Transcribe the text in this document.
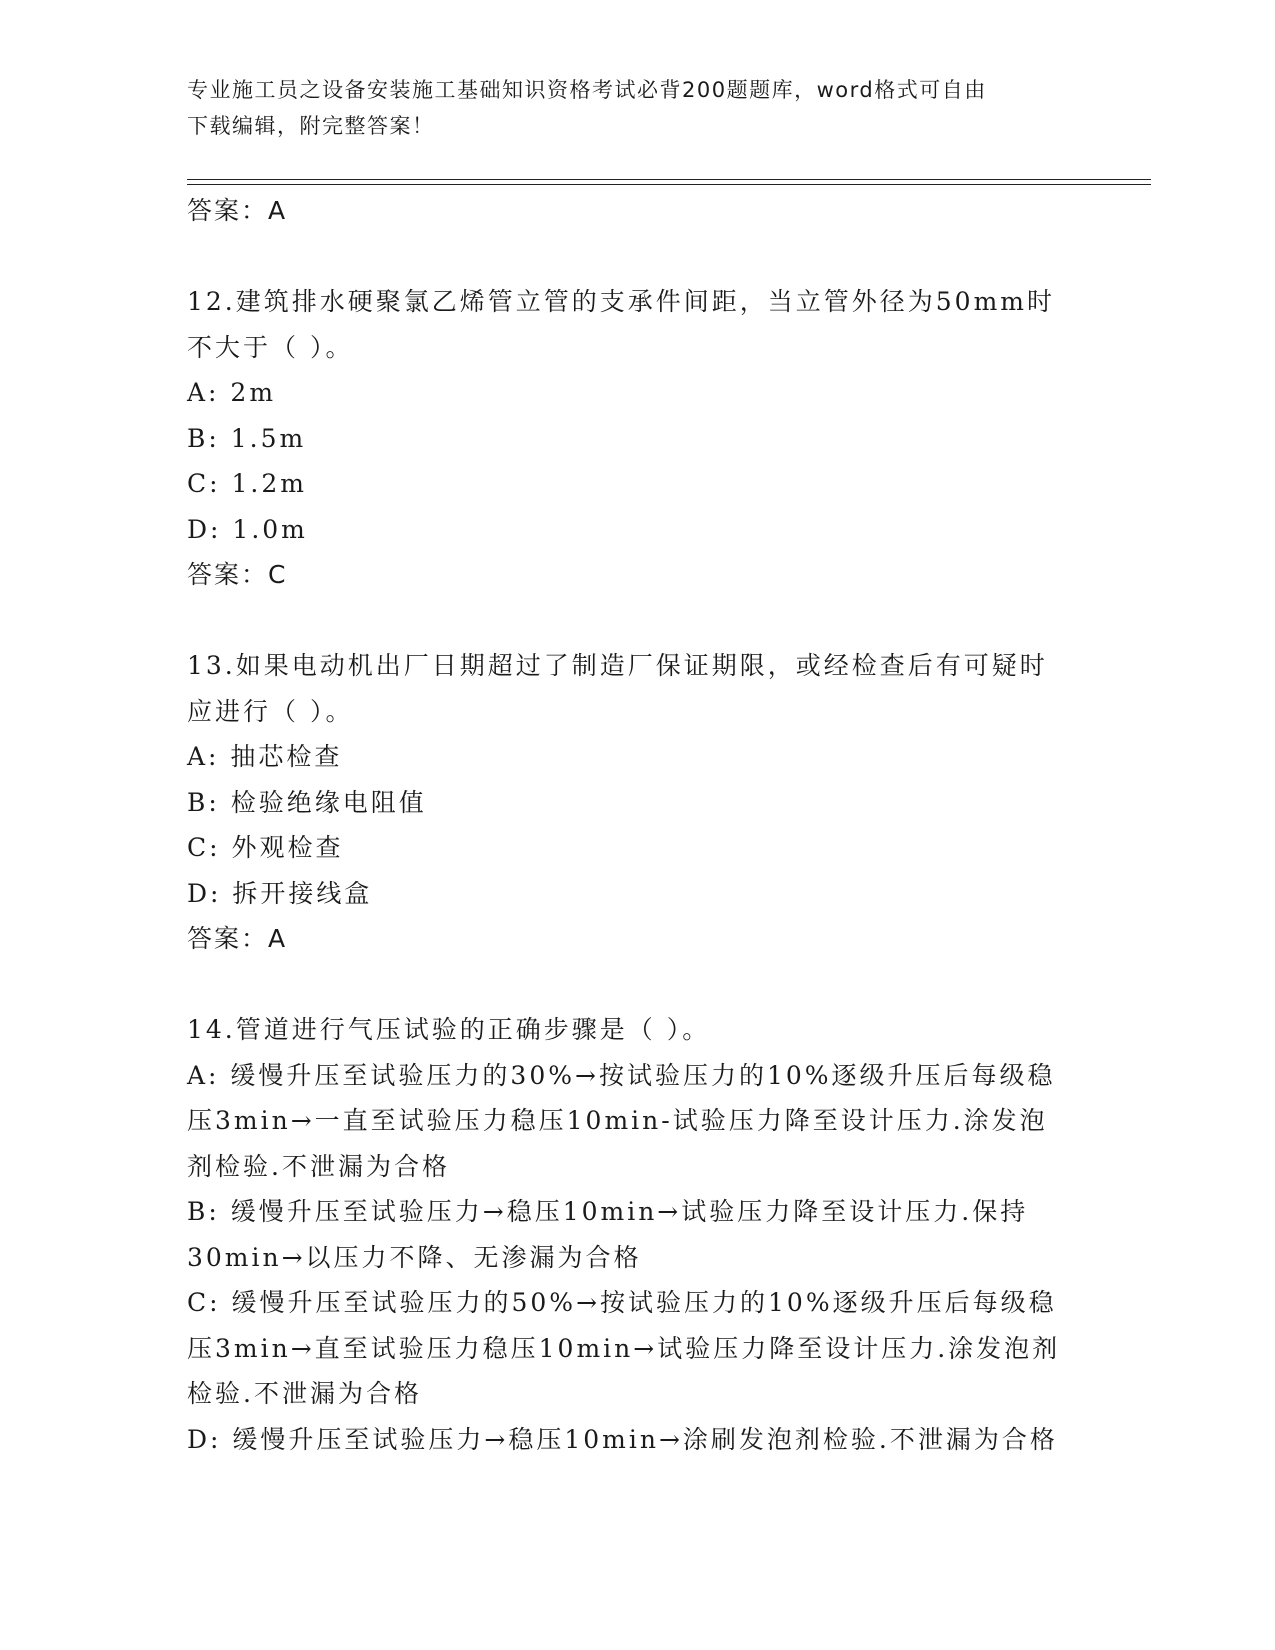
专业施工员之设备安装施工基础知识资格考试必背200题题库，word格式可自由
下载编辑，附完整答案！
答案：A
12.建筑排水硬聚氯乙烯管立管的支承件间距，当立管外径为50mm时
不大于（ ）。
A: 2m
B: 1.5m
C: 1.2m
D: 1.0m
答案：C
13.如果电动机出厂日期超过了制造厂保证期限，或经检查后有可疑时
应进行（ ）。
A: 抽芯检查
B: 检验绝缘电阻值
C: 外观检查
D: 拆开接线盒
答案：A
14.管道进行气压试验的正确步骤是（ ）。
A: 缓慢升压至试验压力的30%→按试验压力的10%逐级升压后每级稳
压3min→一直至试验压力稳压10min-试验压力降至设计压力.涂发泡
剂检验.不泄漏为合格
B: 缓慢升压至试验压力→稳压10min→试验压力降至设计压力.保持
30min→以压力不降、无渗漏为合格
C: 缓慢升压至试验压力的50%→按试验压力的10%逐级升压后每级稳
压3min→直至试验压力稳压10min→试验压力降至设计压力.涂发泡剂
检验.不泄漏为合格
D: 缓慢升压至试验压力→稳压10min→涂刷发泡剂检验.不泄漏为合格
